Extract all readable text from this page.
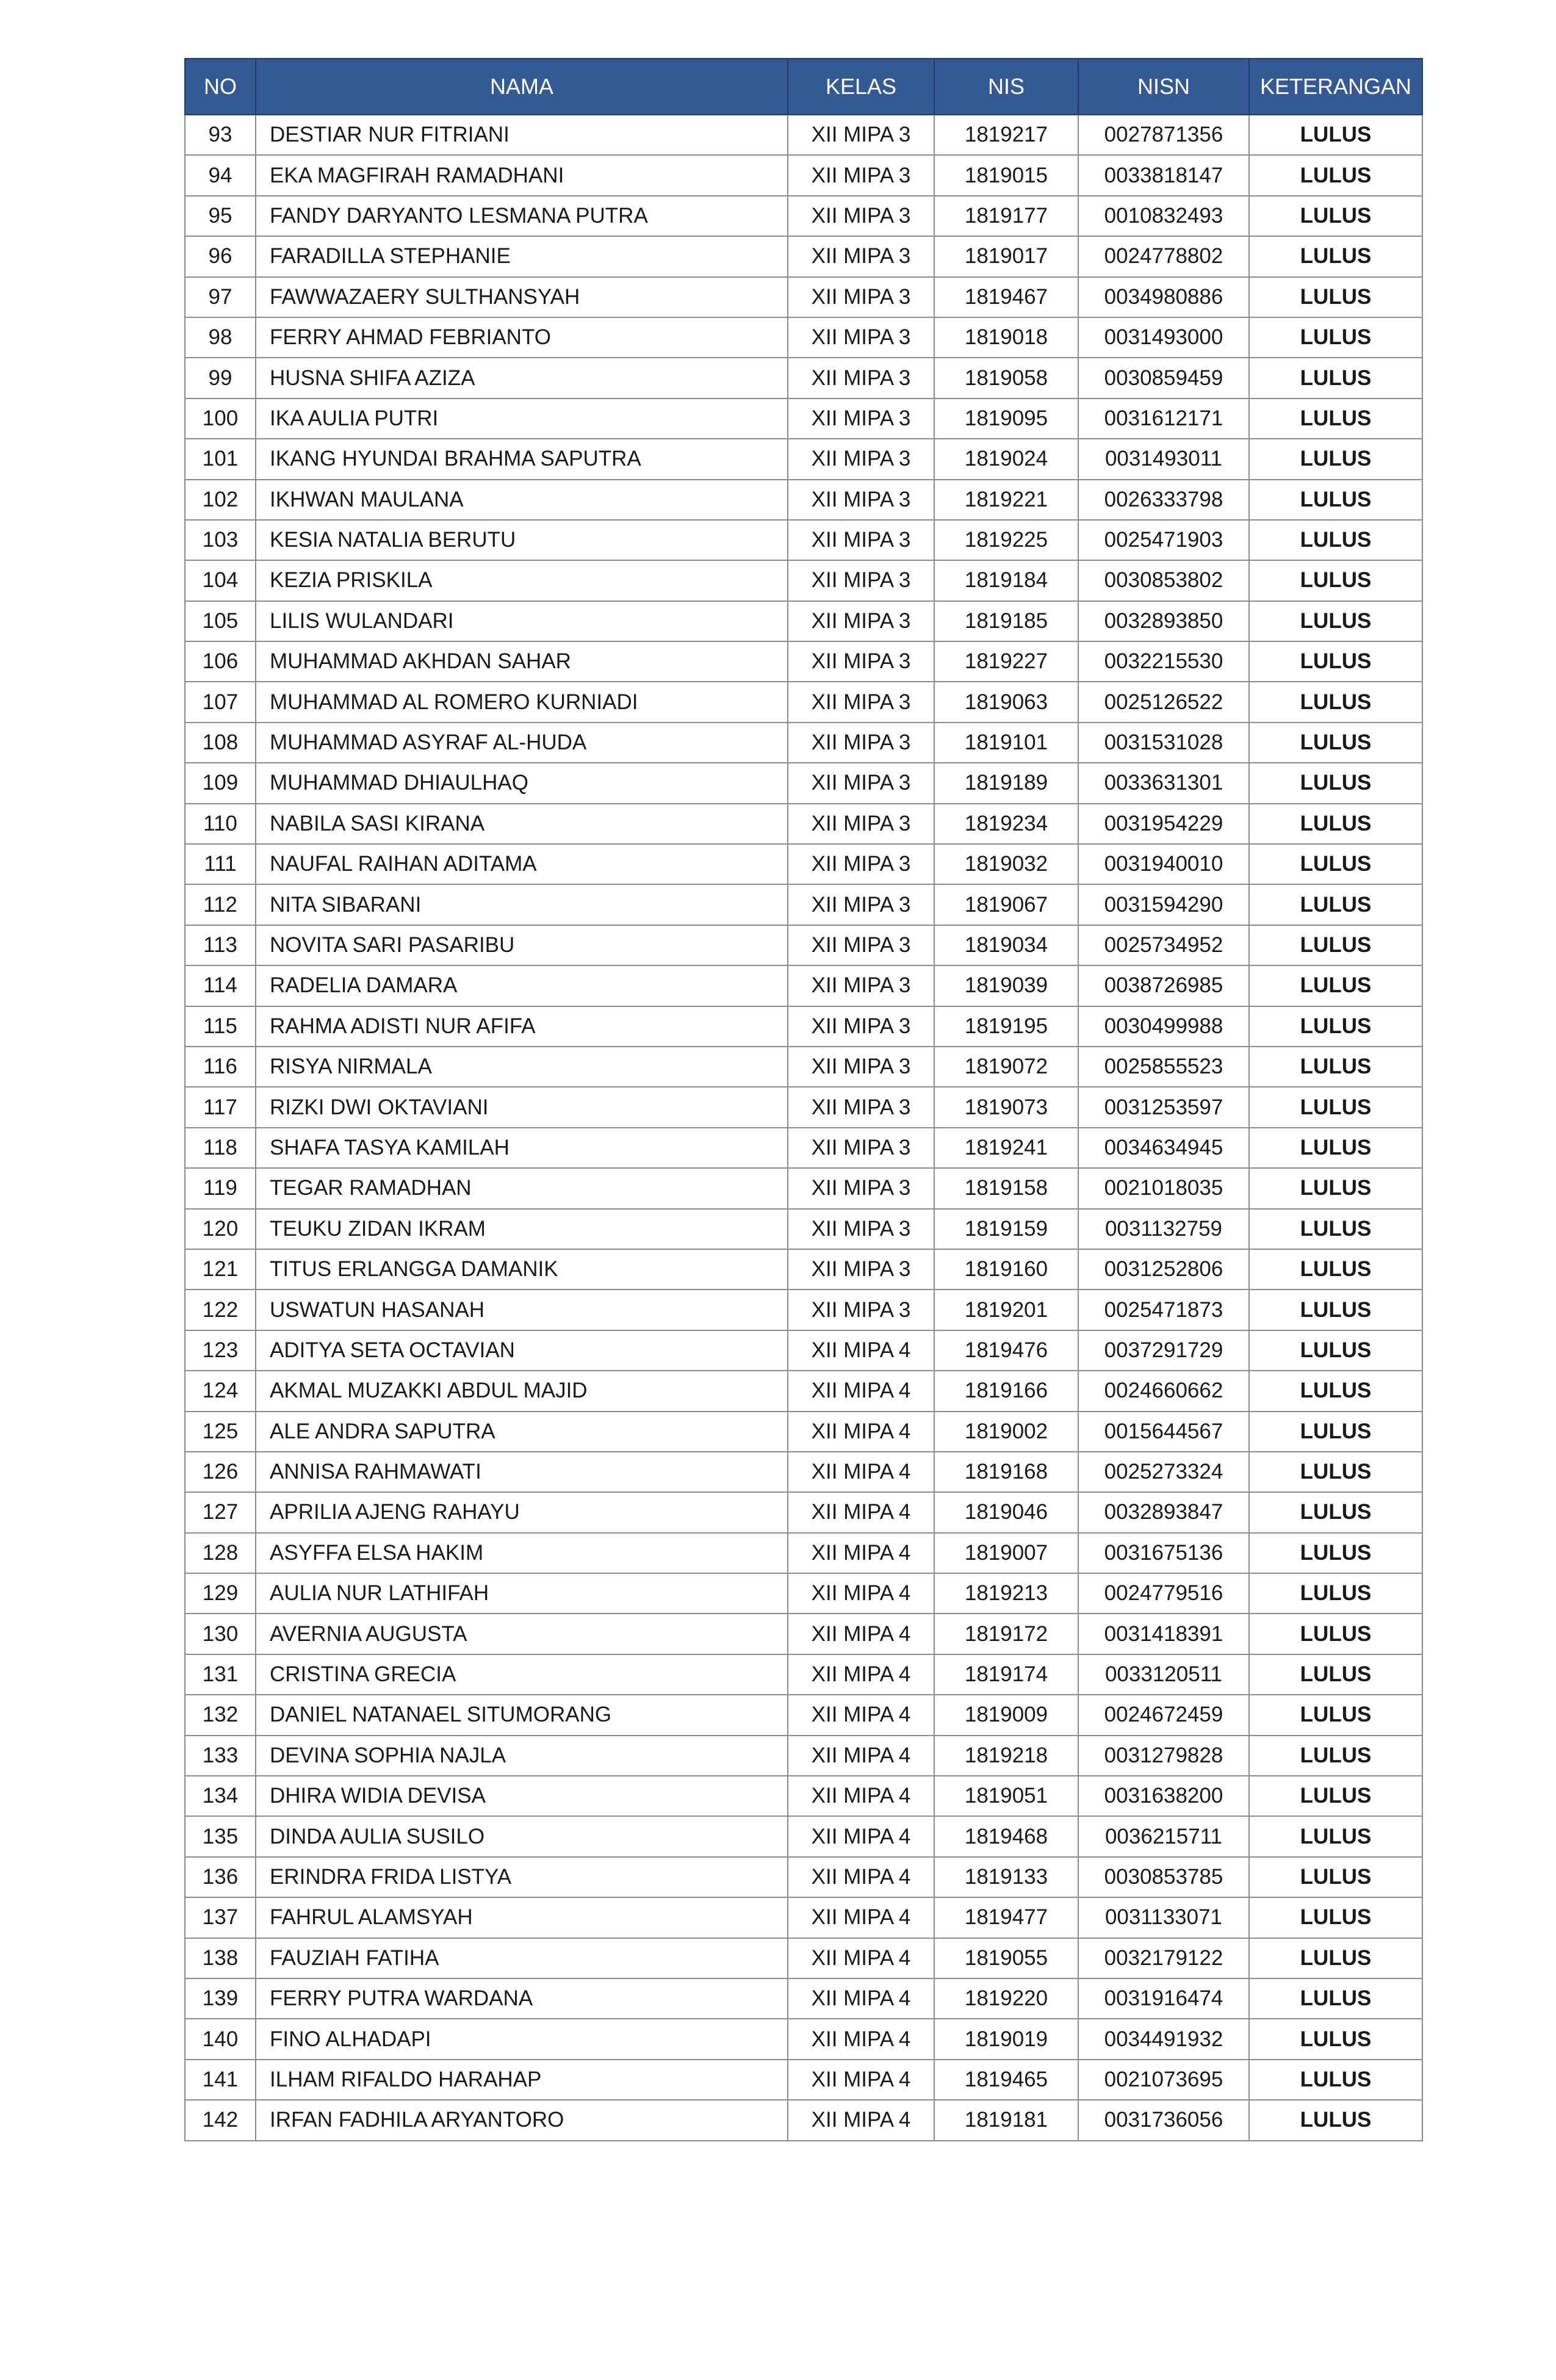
NO	NAMA	KELAS	NIS	NISN	KETERANGAN
93	DESTIAR NUR FITRIANI	XII MIPA 3	1819217	0027871356	LULUS
94	EKA MAGFIRAH RAMADHANI	XII MIPA 3	1819015	0033818147	LULUS
95	FANDY DARYANTO LESMANA PUTRA	XII MIPA 3	1819177	0010832493	LULUS
96	FARADILLA STEPHANIE	XII MIPA 3	1819017	0024778802	LULUS
97	FAWWAZAERY SULTHANSYAH	XII MIPA 3	1819467	0034980886	LULUS
98	FERRY AHMAD FEBRIANTO	XII MIPA 3	1819018	0031493000	LULUS
99	HUSNA SHIFA AZIZA	XII MIPA 3	1819058	0030859459	LULUS
100	IKA AULIA PUTRI	XII MIPA 3	1819095	0031612171	LULUS
101	IKANG HYUNDAI BRAHMA SAPUTRA	XII MIPA 3	1819024	0031493011	LULUS
102	IKHWAN MAULANA	XII MIPA 3	1819221	0026333798	LULUS
103	KESIA NATALIA BERUTU	XII MIPA 3	1819225	0025471903	LULUS
104	KEZIA PRISKILA	XII MIPA 3	1819184	0030853802	LULUS
105	LILIS WULANDARI	XII MIPA 3	1819185	0032893850	LULUS
106	MUHAMMAD AKHDAN SAHAR	XII MIPA 3	1819227	0032215530	LULUS
107	MUHAMMAD AL ROMERO KURNIADI	XII MIPA 3	1819063	0025126522	LULUS
108	MUHAMMAD ASYRAF AL-HUDA	XII MIPA 3	1819101	0031531028	LULUS
109	MUHAMMAD DHIAULHAQ	XII MIPA 3	1819189	0033631301	LULUS
110	NABILA SASI KIRANA	XII MIPA 3	1819234	0031954229	LULUS
111	NAUFAL RAIHAN ADITAMA	XII MIPA 3	1819032	0031940010	LULUS
112	NITA SIBARANI	XII MIPA 3	1819067	0031594290	LULUS
113	NOVITA SARI PASARIBU	XII MIPA 3	1819034	0025734952	LULUS
114	RADELIA DAMARA	XII MIPA 3	1819039	0038726985	LULUS
115	RAHMA ADISTI NUR AFIFA	XII MIPA 3	1819195	0030499988	LULUS
116	RISYA NIRMALA	XII MIPA 3	1819072	0025855523	LULUS
117	RIZKI DWI OKTAVIANI	XII MIPA 3	1819073	0031253597	LULUS
118	SHAFA TASYA KAMILAH	XII MIPA 3	1819241	0034634945	LULUS
119	TEGAR RAMADHAN	XII MIPA 3	1819158	0021018035	LULUS
120	TEUKU ZIDAN IKRAM	XII MIPA 3	1819159	0031132759	LULUS
121	TITUS ERLANGGA DAMANIK	XII MIPA 3	1819160	0031252806	LULUS
122	USWATUN HASANAH	XII MIPA 3	1819201	0025471873	LULUS
123	ADITYA SETA OCTAVIAN	XII MIPA 4	1819476	0037291729	LULUS
124	AKMAL MUZAKKI ABDUL MAJID	XII MIPA 4	1819166	0024660662	LULUS
125	ALE ANDRA SAPUTRA	XII MIPA 4	1819002	0015644567	LULUS
126	ANNISA RAHMAWATI	XII MIPA 4	1819168	0025273324	LULUS
127	APRILIA AJENG RAHAYU	XII MIPA 4	1819046	0032893847	LULUS
128	ASYFFA ELSA HAKIM	XII MIPA 4	1819007	0031675136	LULUS
129	AULIA NUR LATHIFAH	XII MIPA 4	1819213	0024779516	LULUS
130	AVERNIA AUGUSTA	XII MIPA 4	1819172	0031418391	LULUS
131	CRISTINA GRECIA	XII MIPA 4	1819174	0033120511	LULUS
132	DANIEL NATANAEL SITUMORANG	XII MIPA 4	1819009	0024672459	LULUS
133	DEVINA SOPHIA NAJLA	XII MIPA 4	1819218	0031279828	LULUS
134	DHIRA WIDIA DEVISA	XII MIPA 4	1819051	0031638200	LULUS
135	DINDA AULIA SUSILO	XII MIPA 4	1819468	0036215711	LULUS
136	ERINDRA FRIDA LISTYA	XII MIPA 4	1819133	0030853785	LULUS
137	FAHRUL ALAMSYAH	XII MIPA 4	1819477	0031133071	LULUS
138	FAUZIAH FATIHA	XII MIPA 4	1819055	0032179122	LULUS
139	FERRY PUTRA WARDANA	XII MIPA 4	1819220	0031916474	LULUS
140	FINO ALHADAPI	XII MIPA 4	1819019	0034491932	LULUS
141	ILHAM RIFALDO HARAHAP	XII MIPA 4	1819465	0021073695	LULUS
142	IRFAN FADHILA ARYANTORO	XII MIPA 4	1819181	0031736056	LULUS
